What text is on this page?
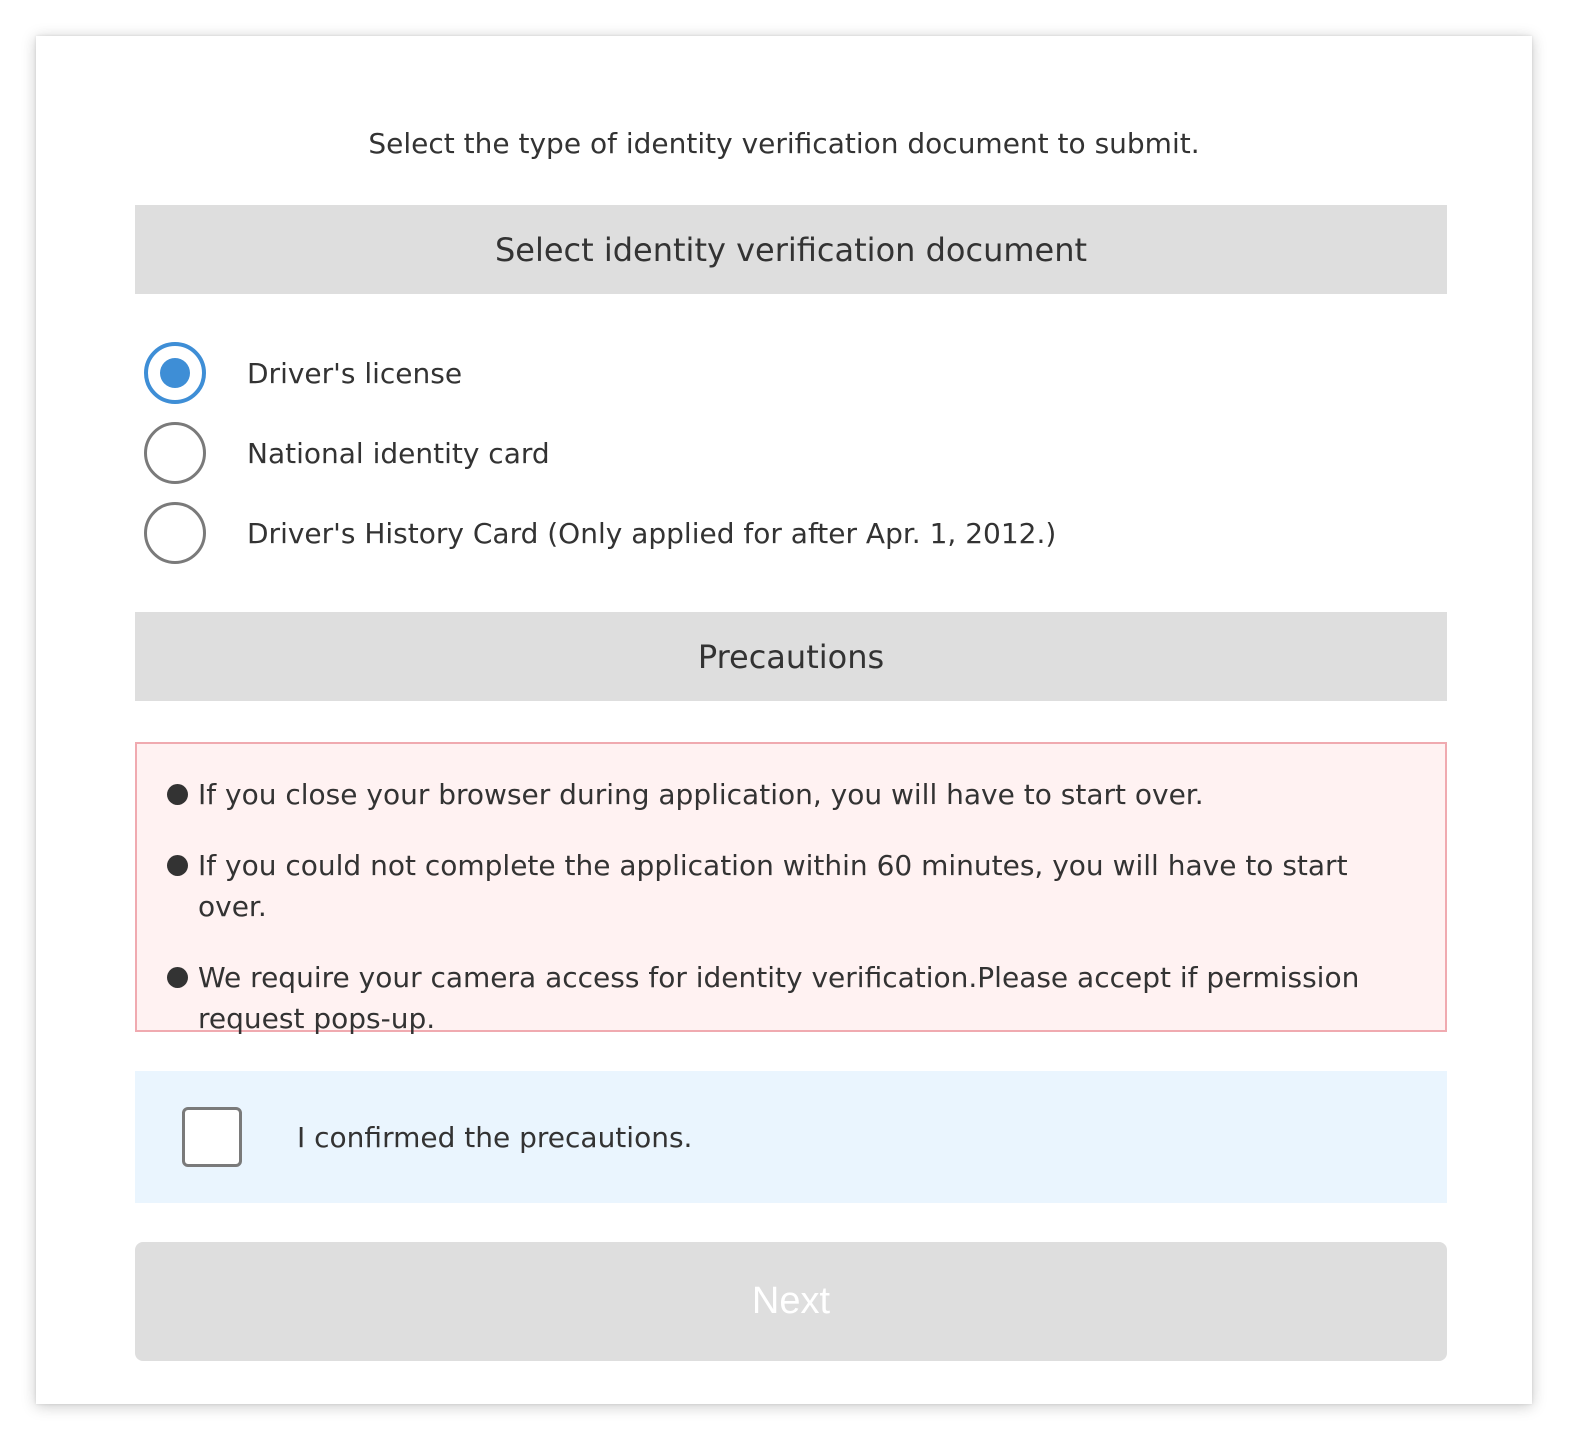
Select the type of identity verification document to submit.
Select identity verification document
Driver's license
National identity card
Driver's History Card (Only applied for after Apr. 1, 2012.)
Precautions
If you close your browser during application, you will have to start over.
If you could not complete the application within 60 minutes, you will have to start over.
We require your camera access for identity verification.Please accept if permission request pops-up.
I confirmed the precautions.
Next
